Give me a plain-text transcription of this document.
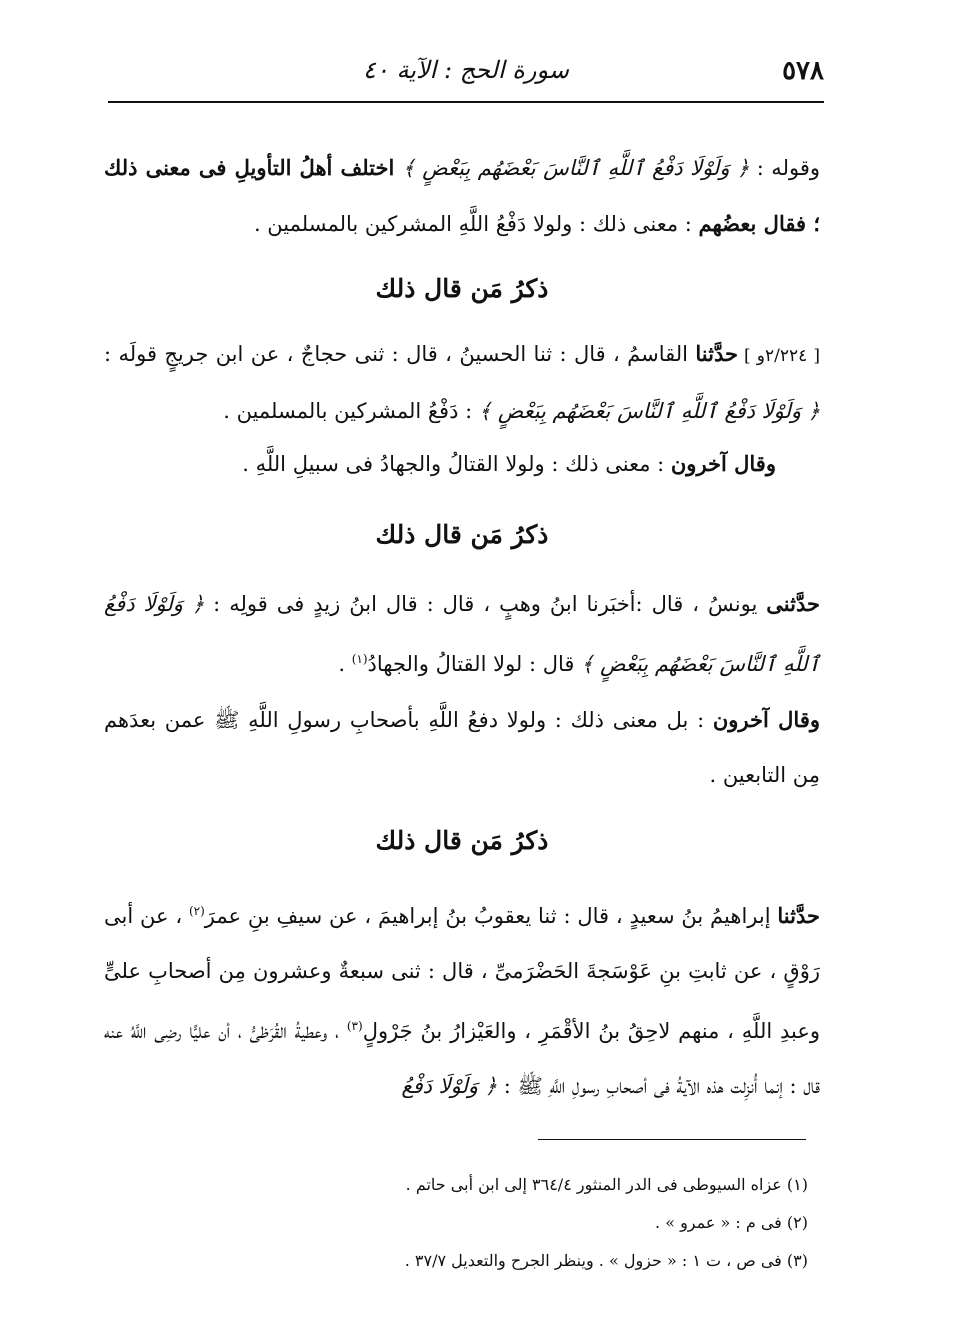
٥٧٨
سورة الحج : الآية ٤٠
وقوله : ﴿ وَلَوْلَا دَفْعُ ٱللَّهِ ٱلنَّاسَ بَعْضَهُم بِبَعْضٍ ﴾ اختلف أهلُ التأويلِ فى معنى ذلك ؛ فقال بعضُهم : معنى ذلك : ولولا دَفْعُ اللَّهِ المشركين بالمسلمين .
ذكرُ مَن قال ذلك
[ ٢/٢٢٤و ] حدَّثنا القاسمُ ، قال : ثنا الحسينُ ، قال : ثنى حجاجٌ ، عن ابن جريجٍ قولَه : ﴿ وَلَوْلَا دَفْعُ ٱللَّهِ ٱلنَّاسَ بَعْضَهُم بِبَعْضٍ ﴾ : دَفْعُ المشركين بالمسلمين .
وقال آخرون : معنى ذلك : ولولا القتالُ والجهادُ فى سبيلِ اللَّهِ .
ذكرُ مَن قال ذلك
حدَّثنى يونسُ ، قال :أخبَرنا ابنُ وهبٍ ، قال : قال ابنُ زيدٍ فى قولِه : ﴿ وَلَوْلَا دَفْعُ ٱللَّهِ ٱلنَّاسَ بَعْضَهُم بِبَعْضٍ ﴾ قال : لولا القتالُ والجهادُ$^{(١)}$ .
وقال آخرون : بل معنى ذلك : ولولا دفعُ اللَّهِ بأصحابِ رسولِ اللَّهِ ﷺ عمن بعدَهم مِن التابعين .
ذكرُ مَن قال ذلك
حدَّثنا إبراهيمُ بنُ سعيدٍ ، قال : ثنا يعقوبُ بنُ إبراهيمَ ، عن سيفِ بنِ عمرَ$^{(٢)}$ ، عن أبى رَوْقٍ ، عن ثابتِ بنِ عَوْسَجةَ الحَضْرَمىِّ ، قال : ثنى سبعةٌ وعشرون مِن أصحابِ علىٍّ وعبدِ اللَّهِ ، منهم لاحِقُ بنُ الأقْمَرِ ، والعَيْزارُ بنُ جَرْولٍ$^{(٣)}$ ، وعطيةُ القُرَظىُّ ، أن عليًّا رضِى اللَّهُ عنه قال : إنما أُنزِلت هذه الآيةُ فى أصحابِ رسولِ اللَّهِ ﷺ : ﴿ وَلَوْلَا دَفْعُ
(١) عزاه السيوطى فى الدر المنثور ٣٦٤/٤ إلى ابن أبى حاتم .
(٢) فى م : « عمرو » .
(٣) فى ص ، ت ١ : « حزول » . وينظر الجرح والتعديل ٣٧/٧ .
